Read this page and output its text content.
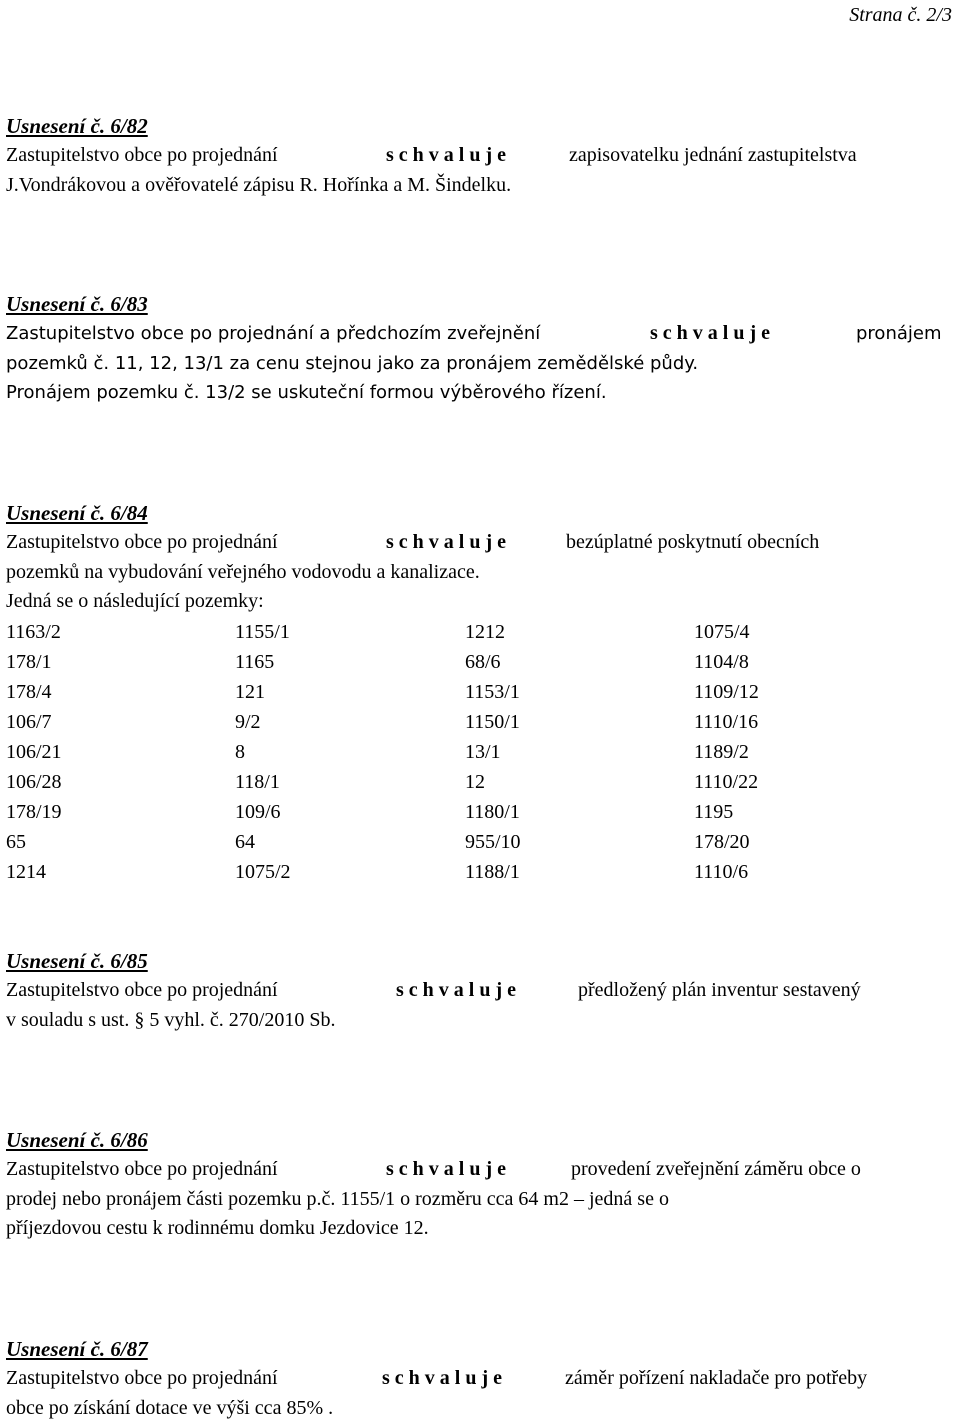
Strana č. 2/3
Usnesení č. 6/82
Zastupitelstvo obce po projednání	s c h v a l u j e	zapisovatelku jednání zastupitelstva
J.Vondrákovou a ověřovatelé zápisu R. Hořínka a M. Šindelku.
Usnesení č. 6/83
Zastupitelstvo obce po projednání a předchozím zveřejnění	s c h v a l u j e	pronájem
pozemků č. 11, 12, 13/1 za cenu stejnou jako za pronájem zemědělské půdy.
Pronájem pozemku č. 13/2 se uskuteční formou výběrového řízení.
Usnesení č. 6/84
Zastupitelstvo obce po projednání	s c h v a l u j e	bezúplatné poskytnutí obecních
pozemků na vybudování veřejného vodovodu a kanalizace.
Jedná se o následující pozemky:
1163/2	1155/1	1212	1075/4
178/1	1165	68/6	1104/8
178/4	121	1153/1	1109/12
106/7	9/2	1150/1	1110/16
106/21	8	13/1	1189/2
106/28	118/1	12	1110/22
178/19	109/6	1180/1	1195
65	64	955/10	178/20
1214	1075/2	1188/1	1110/6
Usnesení č. 6/85
Zastupitelstvo obce po projednání	s c h v a l u j e	předložený plán inventur sestavený
v souladu s ust. § 5 vyhl. č. 270/2010 Sb.
Usnesení č. 6/86
Zastupitelstvo obce po projednání	s c h v a l u j e	provedení zveřejnění záměru obce o
prodej nebo pronájem části pozemku p.č. 1155/1 o rozměru cca 64 m2 – jedná se o
příjezdovou cestu k rodinnému domku Jezdovice 12.
Usnesení č. 6/87
Zastupitelstvo obce po projednání	s c h v a l u j e	záměr pořízení nakladače pro potřeby
obce po získání dotace ve výši cca 85% .
